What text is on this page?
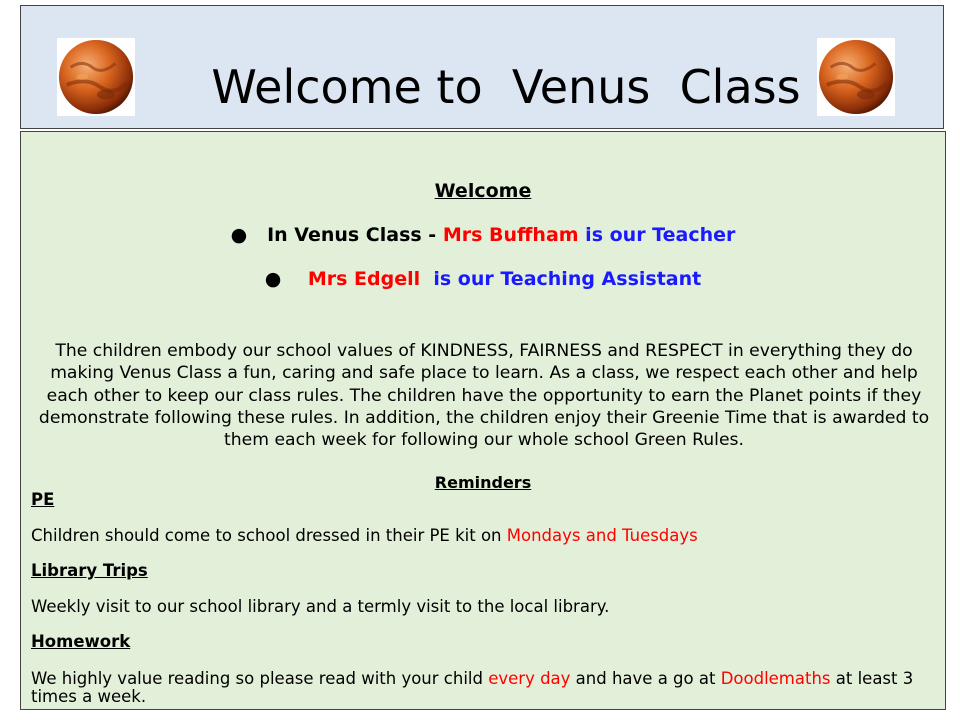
Welcome to  Venus  Class
Welcome
● In Venus Class - Mrs Buffham is our Teacher
● Mrs Edgell  is our Teaching Assistant
The children embody our school values of KINDNESS, FAIRNESS and RESPECT in everything they do making Venus Class a fun, caring and safe place to learn. As a class, we respect each other and help each other to keep our class rules. The children have the opportunity to earn the Planet points if they demonstrate following these rules. In addition, the children enjoy their Greenie Time that is awarded to them each week for following our whole school Green Rules.
Reminders
PE
Children should come to school dressed in their PE kit on Mondays and Tuesdays
Library Trips
Weekly visit to our school library and a termly visit to the local library.
Homework
We highly value reading so please read with your child every day and have a go at Doodlemaths at least 3 times a week.
